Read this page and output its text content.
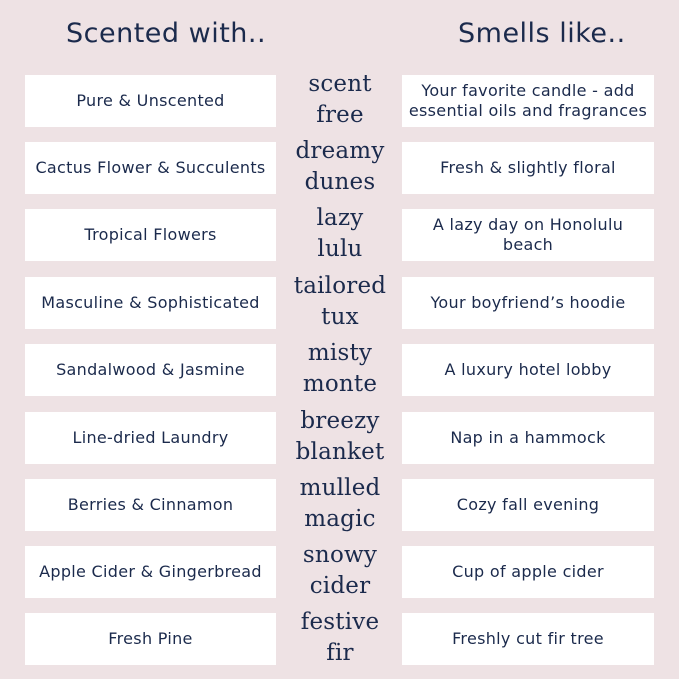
Scented with..	Smells like..
Pure & Unscented
scent
free
Your favorite candle - add essential oils and fragrances
Cactus Flower & Succulents
dreamy
dunes
Fresh & slightly floral
Tropical Flowers
lazy
lulu
A lazy day on Honolulu beach
Masculine & Sophisticated
tailored
tux
Your boyfriend’s hoodie
Sandalwood & Jasmine
misty
monte
A luxury hotel lobby
Line-dried Laundry
breezy
blanket
Nap in a hammock
Berries & Cinnamon
mulled
magic
Cozy fall evening
Apple Cider & Gingerbread
snowy
cider
Cup of apple cider
Fresh Pine
festive
fir
Freshly cut fir tree
